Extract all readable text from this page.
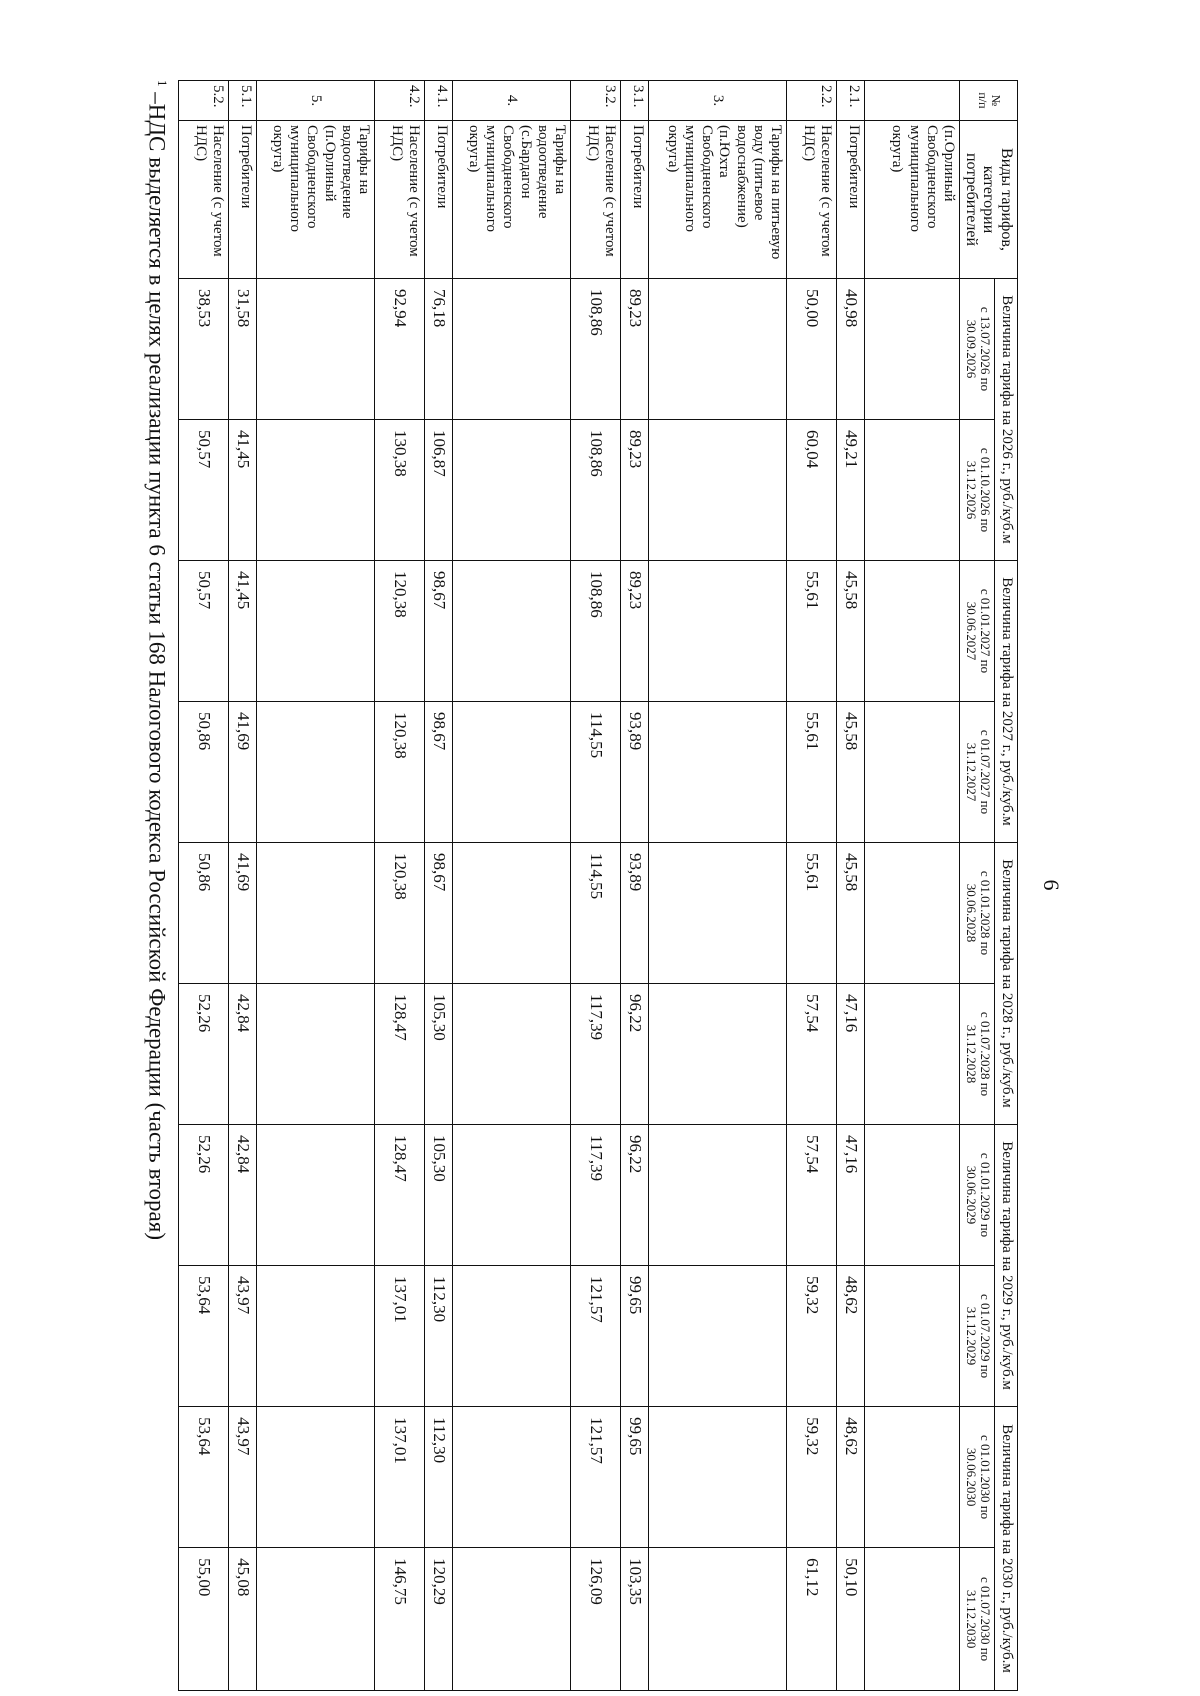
6
№
п/п	Виды тарифов, категории потребителей	Величина тарифа на 2026 г., руб./куб.м		Величина тарифа на 2027 г., руб./куб.м		Величина тарифа на 2028 г., руб./куб.м		Величина тарифа на 2029 г., руб./куб.м		Величина тарифа на 2030 г., руб./куб.м	
		с 13.07.2026 по 30.09.2026	с 01.10.2026 по 31.12.2026	с 01.01.2027 по 30.06.2027	с 01.07.2027 по 31.12.2027	с 01.01.2028 по 30.06.2028	с 01.07.2028 по 31.12.2028	с 01.01.2029 по 30.06.2029	с 01.07.2029 по 31.12.2029	с 01.01.2030 по 30.06.2030	с 01.07.2030 по 31.12.2030
	(п.Орлиный Свободненского муниципального округа)										
2.1.	Потребители	40,98	49,21	45,58	45,58	45,58	47,16	47,16	48,62	48,62	50,10
2.2.	Население (с учетом НДС)	50,00	60,04	55,61	55,61	55,61	57,54	57,54	59,32	59,32	61,12
3.	Тарифы на питьевую воду (питьевое водоснабжение) (п.Юхта Свободненского муниципального округа)										
3.1.	Потребители	89,23	89,23	89,23	93,89	93,89	96,22	96,22	99,65	99,65	103,35
3.2.	Население (с учетом НДС)	108,86	108,86	108,86	114,55	114,55	117,39	117,39	121,57	121,57	126,09
4.	Тарифы на водоотведение (с.Бардагон Свободненского муниципального округа)										
4.1.	Потребители	76,18	106,87	98,67	98,67	98,67	105,30	105,30	112,30	112,30	120,29
4.2.	Население (с учетом НДС)	92,94	130,38	120,38	120,38	120,38	128,47	128,47	137,01	137,01	146,75
5.	Тарифы на водоотведение (п.Орлиный Свободненского муниципального округа)										
5.1.	Потребители	31,58	41,45	41,45	41,69	41,69	42,84	42,84	43,97	43,97	45,08
5.2.	Население (с учетом НДС)	38,53	50,57	50,57	50,86	50,86	52,26	52,26	53,64	53,64	55,00
$^1$ –НДС выделяется в целях реализации пункта 6 статьи 168 Налогового кодекса Российской Федерации (часть вторая)
